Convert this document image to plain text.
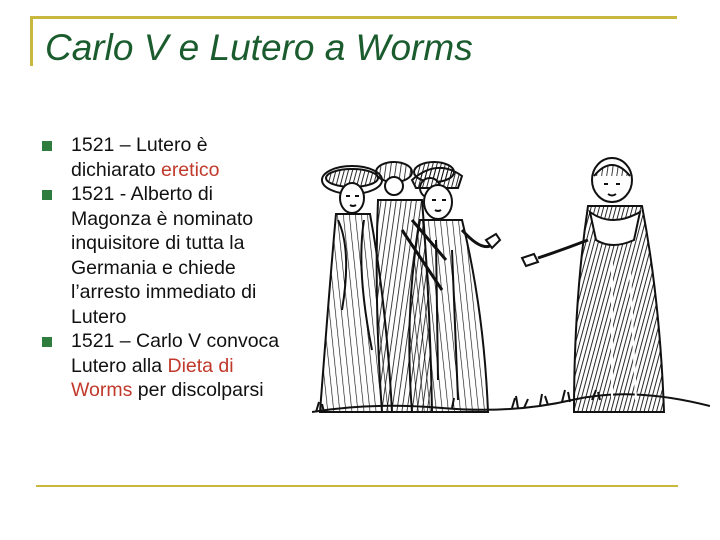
Carlo V e Lutero a Worms
1521 – Lutero è dichiarato eretico
1521 - Alberto di Magonza è nominato inquisitore di tutta la Germania e chiede l’arresto immediato di Lutero
1521 – Carlo V convoca Lutero alla Dieta di Worms per discolparsi
